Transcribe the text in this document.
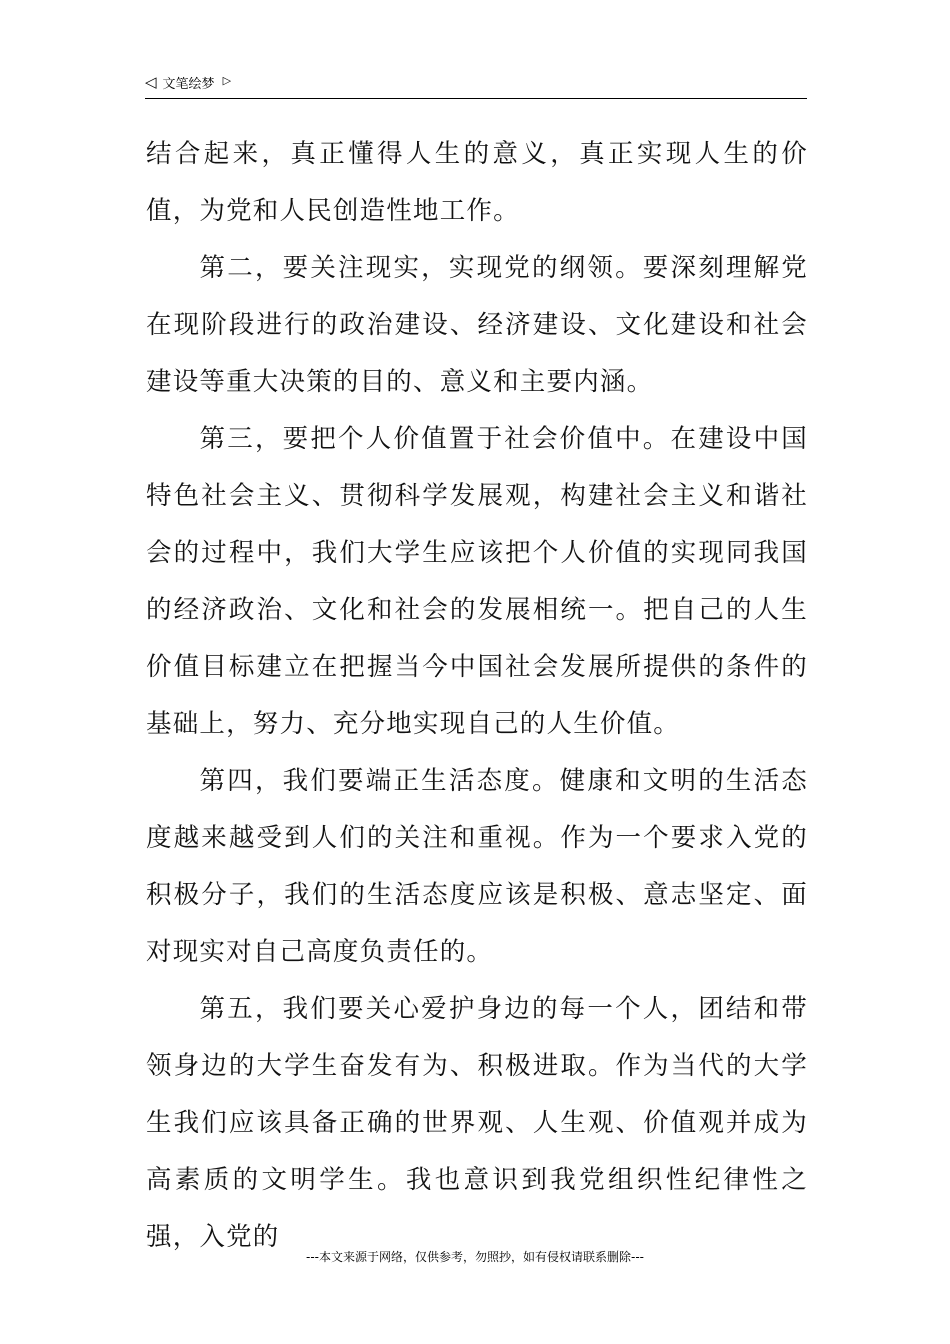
◁ 文笔绘梦 ▷

结合起来，真正懂得人生的意义，真正实现人生的价值，为党和人民创造性地工作。

第二，要关注现实，实现党的纲领。要深刻理解党在现阶段进行的政治建设、经济建设、文化建设和社会建设等重大决策的目的、意义和主要内涵。

第三，要把个人价值置于社会价值中。在建设中国特色社会主义、贯彻科学发展观，构建社会主义和谐社会的过程中，我们大学生应该把个人价值的实现同我国的经济政治、文化和社会的发展相统一。把自己的人生价值目标建立在把握当今中国社会发展所提供的条件的基础上，努力、充分地实现自己的人生价值。

第四，我们要端正生活态度。健康和文明的生活态度越来越受到人们的关注和重视。作为一个要求入党的积极分子，我们的生活态度应该是积极、意志坚定、面对现实对自己高度负责任的。

第五，我们要关心爱护身边的每一个人，团结和带领身边的大学生奋发有为、积极进取。作为当代的大学生我们应该具备正确的世界观、人生观、价值观并成为高素质的文明学生。我也意识到我党组织性纪律性之强，入党的

---本文来源于网络，仅供参考，勿照抄，如有侵权请联系删除---
